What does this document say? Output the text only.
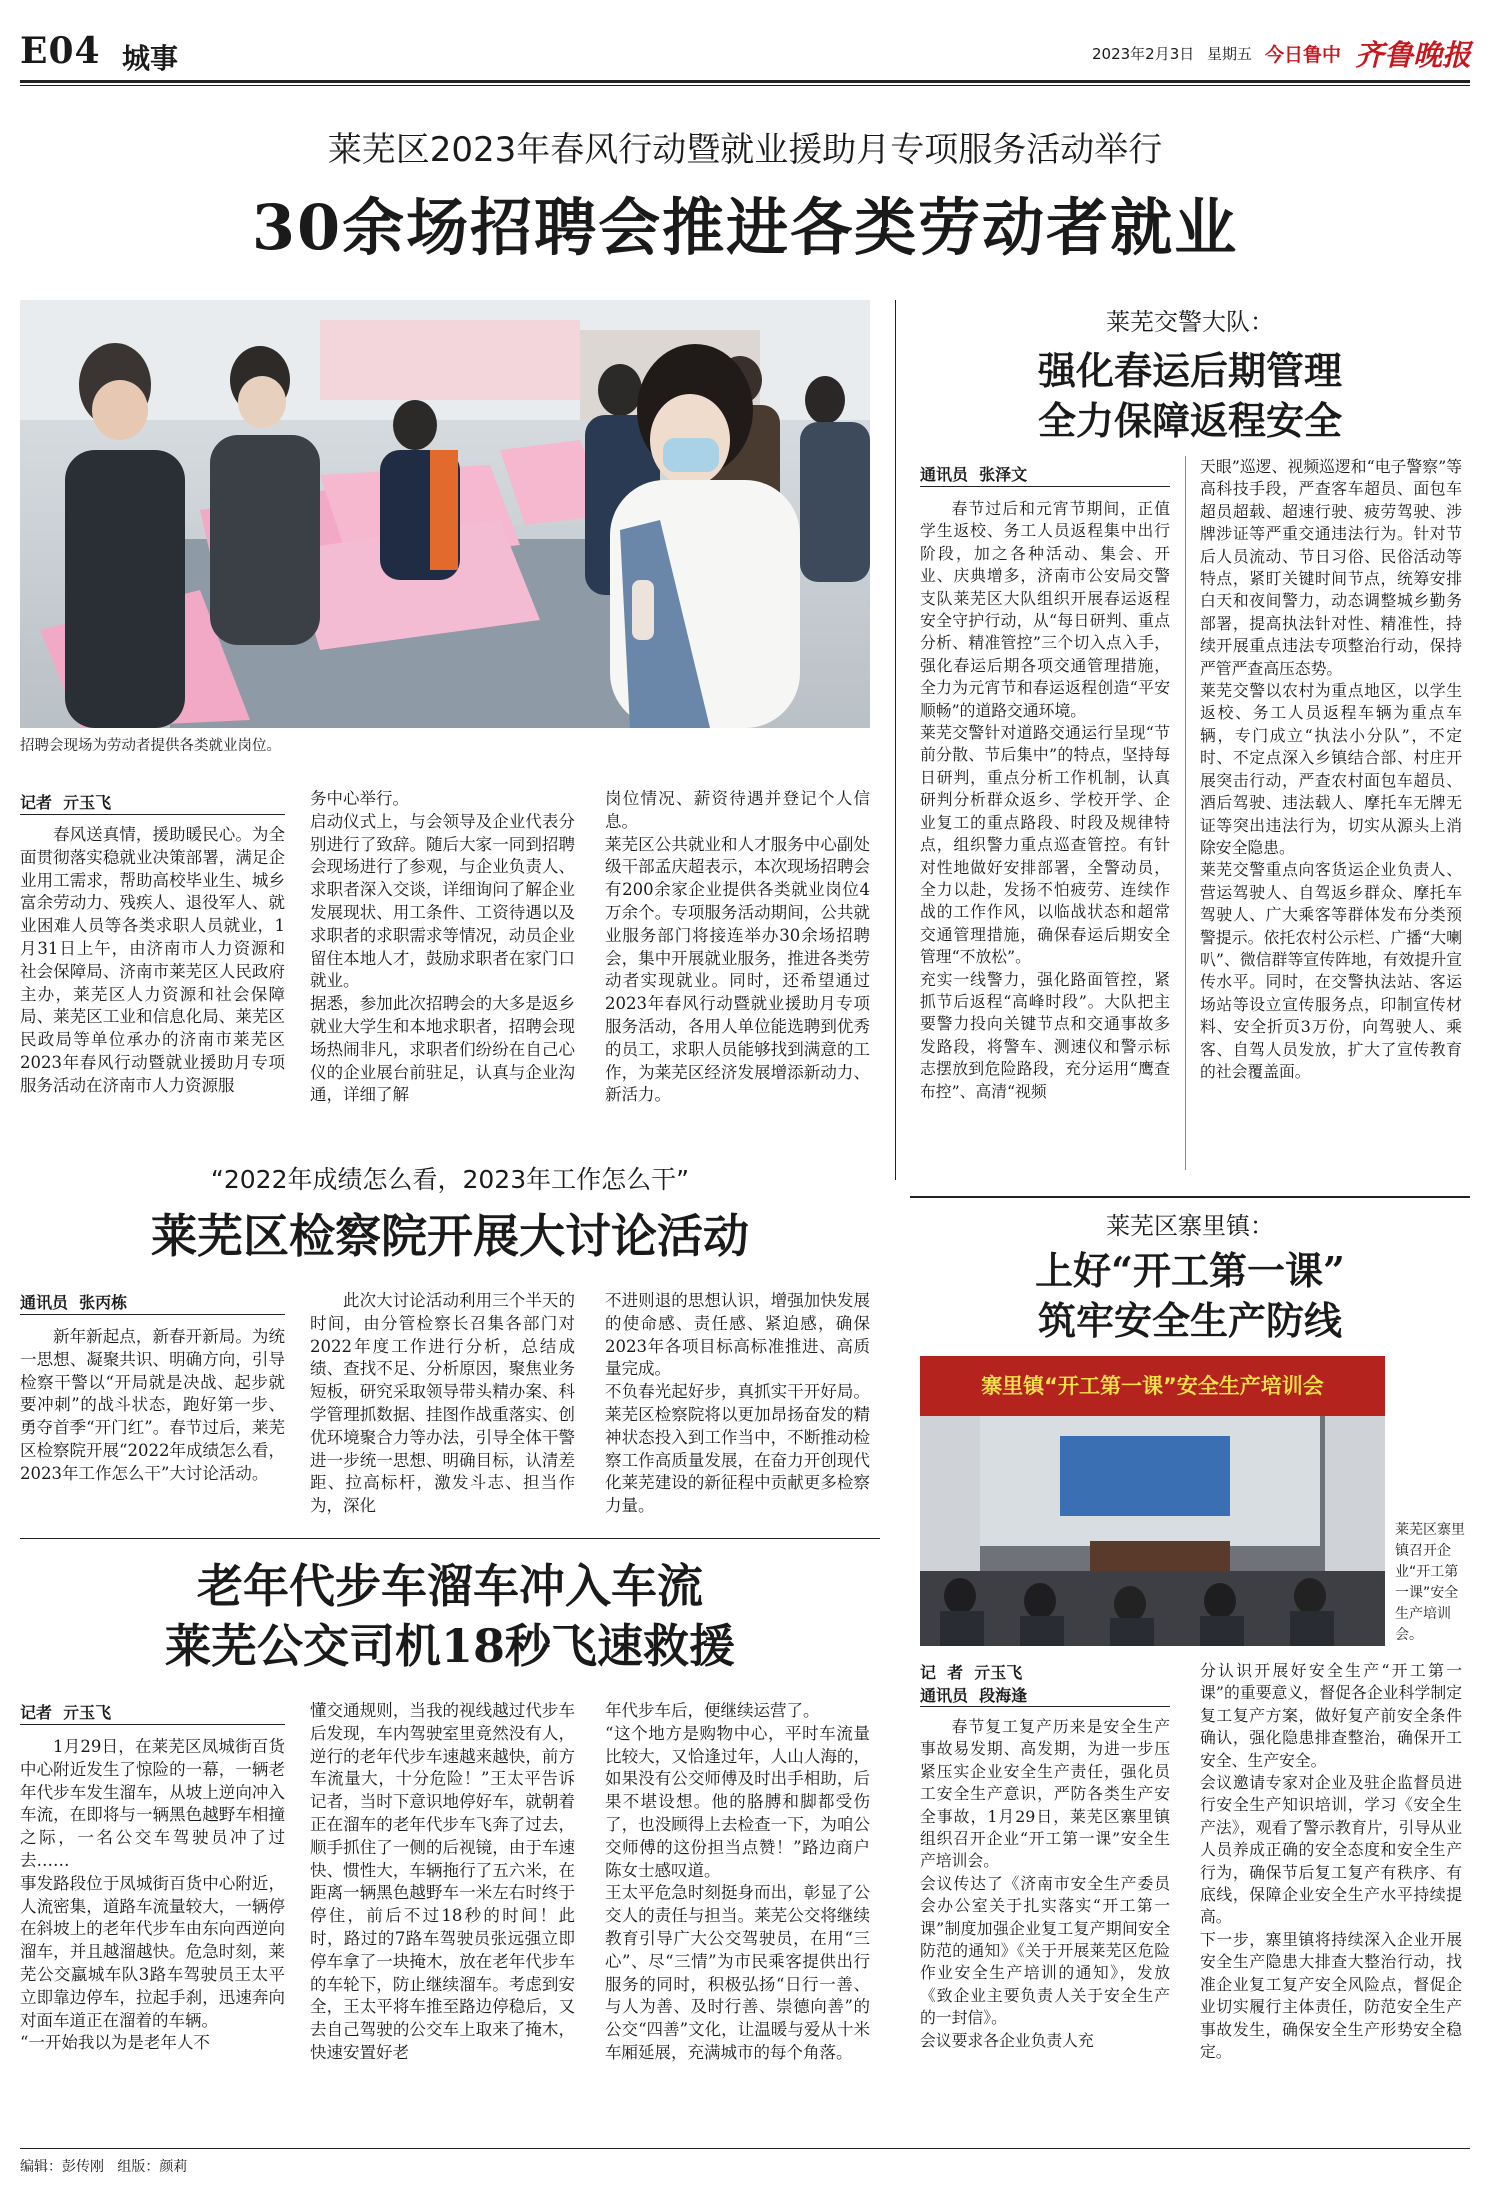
E04 城事	2023年2月3日 星期五 今日鲁中 齐鲁晚报
莱芜区2023年春风行动暨就业援助月专项服务活动举行
30余场招聘会推进各类劳动者就业
招聘会现场为劳动者提供各类就业岗位。
记者  亓玉飞
春风送真情，援助暖民心。为全面贯彻落实稳就业决策部署，满足企业用工需求，帮助高校毕业生、城乡富余劳动力、残疾人、退役军人、就业困难人员等各类求职人员就业，1月31日上午，由济南市人力资源和社会保障局、济南市莱芜区人民政府主办，莱芜区人力资源和社会保障局、莱芜区工业和信息化局、莱芜区民政局等单位承办的济南市莱芜区2023年春风行动暨就业援助月专项服务活动在济南市人力资源服
务中心举行。
启动仪式上，与会领导及企业代表分别进行了致辞。随后大家一同到招聘会现场进行了参观，与企业负责人、求职者深入交谈，详细询问了解企业发展现状、用工条件、工资待遇以及求职者的求职需求等情况，动员企业留住本地人才，鼓励求职者在家门口就业。
据悉，参加此次招聘会的大多是返乡就业大学生和本地求职者，招聘会现场热闹非凡，求职者们纷纷在自己心仪的企业展台前驻足，认真与企业沟通，详细了解
岗位情况、薪资待遇并登记个人信息。
莱芜区公共就业和人才服务中心副处级干部孟庆超表示，本次现场招聘会有200余家企业提供各类就业岗位4万余个。专项服务活动期间，公共就业服务部门将接连举办30余场招聘会，集中开展就业服务，推进各类劳动者实现就业。同时，还希望通过2023年春风行动暨就业援助月专项服务活动，各用人单位能选聘到优秀的员工，求职人员能够找到满意的工作，为莱芜区经济发展增添新动力、新活力。
莱芜交警大队：
强化春运后期管理
全力保障返程安全
通讯员  张泽文
春节过后和元宵节期间，正值学生返校、务工人员返程集中出行阶段，加之各种活动、集会、开业、庆典增多，济南市公安局交警支队莱芜区大队组织开展春运返程安全守护行动，从“每日研判、重点分析、精准管控”三个切入点入手，强化春运后期各项交通管理措施，全力为元宵节和春运返程创造“平安顺畅”的道路交通环境。
莱芜交警针对道路交通运行呈现“节前分散、节后集中”的特点，坚持每日研判，重点分析工作机制，认真研判分析群众返乡、学校开学、企业复工的重点路段、时段及规律特点，组织警力重点巡查管控。有针对性地做好安排部署，全警动员，全力以赴，发扬不怕疲劳、连续作战的工作作风，以临战状态和超常交通管理措施，确保春运后期安全管理“不放松”。
充实一线警力，强化路面管控，紧抓节后返程“高峰时段”。大队把主要警力投向关键节点和交通事故多发路段，将警车、测速仪和警示标志摆放到危险路段，充分运用“鹰查布控”、高清“视频
天眼”巡逻、视频巡逻和“电子警察”等高科技手段，严查客车超员、面包车超员超载、超速行驶、疲劳驾驶、涉牌涉证等严重交通违法行为。针对节后人员流动、节日习俗、民俗活动等特点，紧盯关键时间节点，统筹安排白天和夜间警力，动态调整城乡勤务部署，提高执法针对性、精准性，持续开展重点违法专项整治行动，保持严管严查高压态势。
莱芜交警以农村为重点地区，以学生返校、务工人员返程车辆为重点车辆，专门成立“执法小分队”，不定时、不定点深入乡镇结合部、村庄开展突击行动，严查农村面包车超员、酒后驾驶、违法载人、摩托车无牌无证等突出违法行为，切实从源头上消除安全隐患。
莱芜交警重点向客货运企业负责人、营运驾驶人、自驾返乡群众、摩托车驾驶人、广大乘客等群体发布分类预警提示。依托农村公示栏、广播“大喇叭”、微信群等宣传阵地，有效提升宣传水平。同时，在交警执法站、客运场站等设立宣传服务点，印制宣传材料、安全折页3万份，向驾驶人、乘客、自驾人员发放，扩大了宣传教育的社会覆盖面。
“2022年成绩怎么看，2023年工作怎么干”
莱芜区检察院开展大讨论活动
通讯员  张丙栋
新年新起点，新春开新局。为统一思想、凝聚共识、明确方向，引导检察干警以“开局就是决战、起步就要冲刺”的战斗状态，跑好第一步、勇夺首季“开门红”。春节过后，莱芜区检察院开展“2022年成绩怎么看，2023年工作怎么干”大讨论活动。
此次大讨论活动利用三个半天的时间，由分管检察长召集各部门对2022年度工作进行分析，总结成绩、查找不足、分析原因，聚焦业务短板，研究采取领导带头精办案、科学管理抓数据、挂图作战重落实、创优环境聚合力等办法，引导全体干警进一步统一思想、明确目标，认清差距、拉高标杆，激发斗志、担当作为，深化
不进则退的思想认识，增强加快发展的使命感、责任感、紧迫感，确保2023年各项目标高标准推进、高质量完成。
不负春光起好步，真抓实干开好局。莱芜区检察院将以更加昂扬奋发的精神状态投入到工作当中，不断推动检察工作高质量发展，在奋力开创现代化莱芜建设的新征程中贡献更多检察力量。
老年代步车溜车冲入车流
莱芜公交司机18秒飞速救援
记者  亓玉飞
1月29日，在莱芜区凤城街百货中心附近发生了惊险的一幕，一辆老年代步车发生溜车，从坡上逆向冲入车流，在即将与一辆黑色越野车相撞之际，一名公交车驾驶员冲了过去……
事发路段位于凤城街百货中心附近，人流密集，道路车流量较大，一辆停在斜坡上的老年代步车由东向西逆向溜车，并且越溜越快。危急时刻，莱芜公交蠃城车队3路车驾驶员王太平立即靠边停车，拉起手刹，迅速奔向对面车道正在溜着的车辆。
“一开始我以为是老年人不
懂交通规则，当我的视线越过代步车后发现，车内驾驶室里竟然没有人，逆行的老年代步车速越来越快，前方车流量大，十分危险！”王太平告诉记者，当时下意识地停好车，就朝着正在溜车的老年代步车飞奔了过去，顺手抓住了一侧的后视镜，由于车速快、惯性大，车辆拖行了五六米，在距离一辆黑色越野车一米左右时终于停住，前后不过18秒的时间！此时，路过的7路车驾驶员张远强立即停车拿了一块掩木，放在老年代步车的车轮下，防止继续溜车。考虑到安全，王太平将车推至路边停稳后，又去自己驾驶的公交车上取来了掩木，快速安置好老
年代步车后，便继续运营了。
“这个地方是购物中心，平时车流量比较大，又恰逢过年，人山人海的，如果没有公交师傅及时出手相助，后果不堪设想。他的胳膊和脚都受伤了，也没顾得上去检查一下，为咱公交师傅的这份担当点赞！”路边商户陈女士感叹道。
王太平危急时刻挺身而出，彰显了公交人的责任与担当。莱芜公交将继续教育引导广大公交驾驶员，在用“三心”、尽“三情”为市民乘客提供出行服务的同时，积极弘扬“日行一善、与人为善、及时行善、崇德向善”的公交“四善”文化，让温暖与爱从十米车厢延展，充满城市的每个角落。
莱芜区寨里镇：
上好“开工第一课”
筑牢安全生产防线
寨里镇“开工第一课”安全生产培训会
莱芜区寨里镇召开企业“开工第一课”安全生产培训会。
记  者  亓玉飞
通讯员  段海逢
春节复工复产历来是安全生产事故易发期、高发期，为进一步压紧压实企业安全生产责任，强化员工安全生产意识，严防各类生产安全事故，1月29日，莱芜区寨里镇组织召开企业“开工第一课”安全生产培训会。
会议传达了《济南市安全生产委员会办公室关于扎实落实“开工第一课”制度加强企业复工复产期间安全防范的通知》《关于开展莱芜区危险作业安全生产培训的通知》，发放《致企业主要负责人关于安全生产的一封信》。
会议要求各企业负责人充
分认识开展好安全生产“开工第一课”的重要意义，督促各企业科学制定复工复产方案，做好复产前安全条件确认，强化隐患排查整治，确保开工安全、生产安全。
会议邀请专家对企业及驻企监督员进行安全生产知识培训，学习《安全生产法》，观看了警示教育片，引导从业人员养成正确的安全态度和安全生产行为，确保节后复工复产有秩序、有底线，保障企业安全生产水平持续提高。
下一步，寨里镇将持续深入企业开展安全生产隐患大排查大整治行动，找准企业复工复产安全风险点，督促企业切实履行主体责任，防范安全生产事故发生，确保安全生产形势安全稳定。
编辑：彭传刚   组版：颜莉
